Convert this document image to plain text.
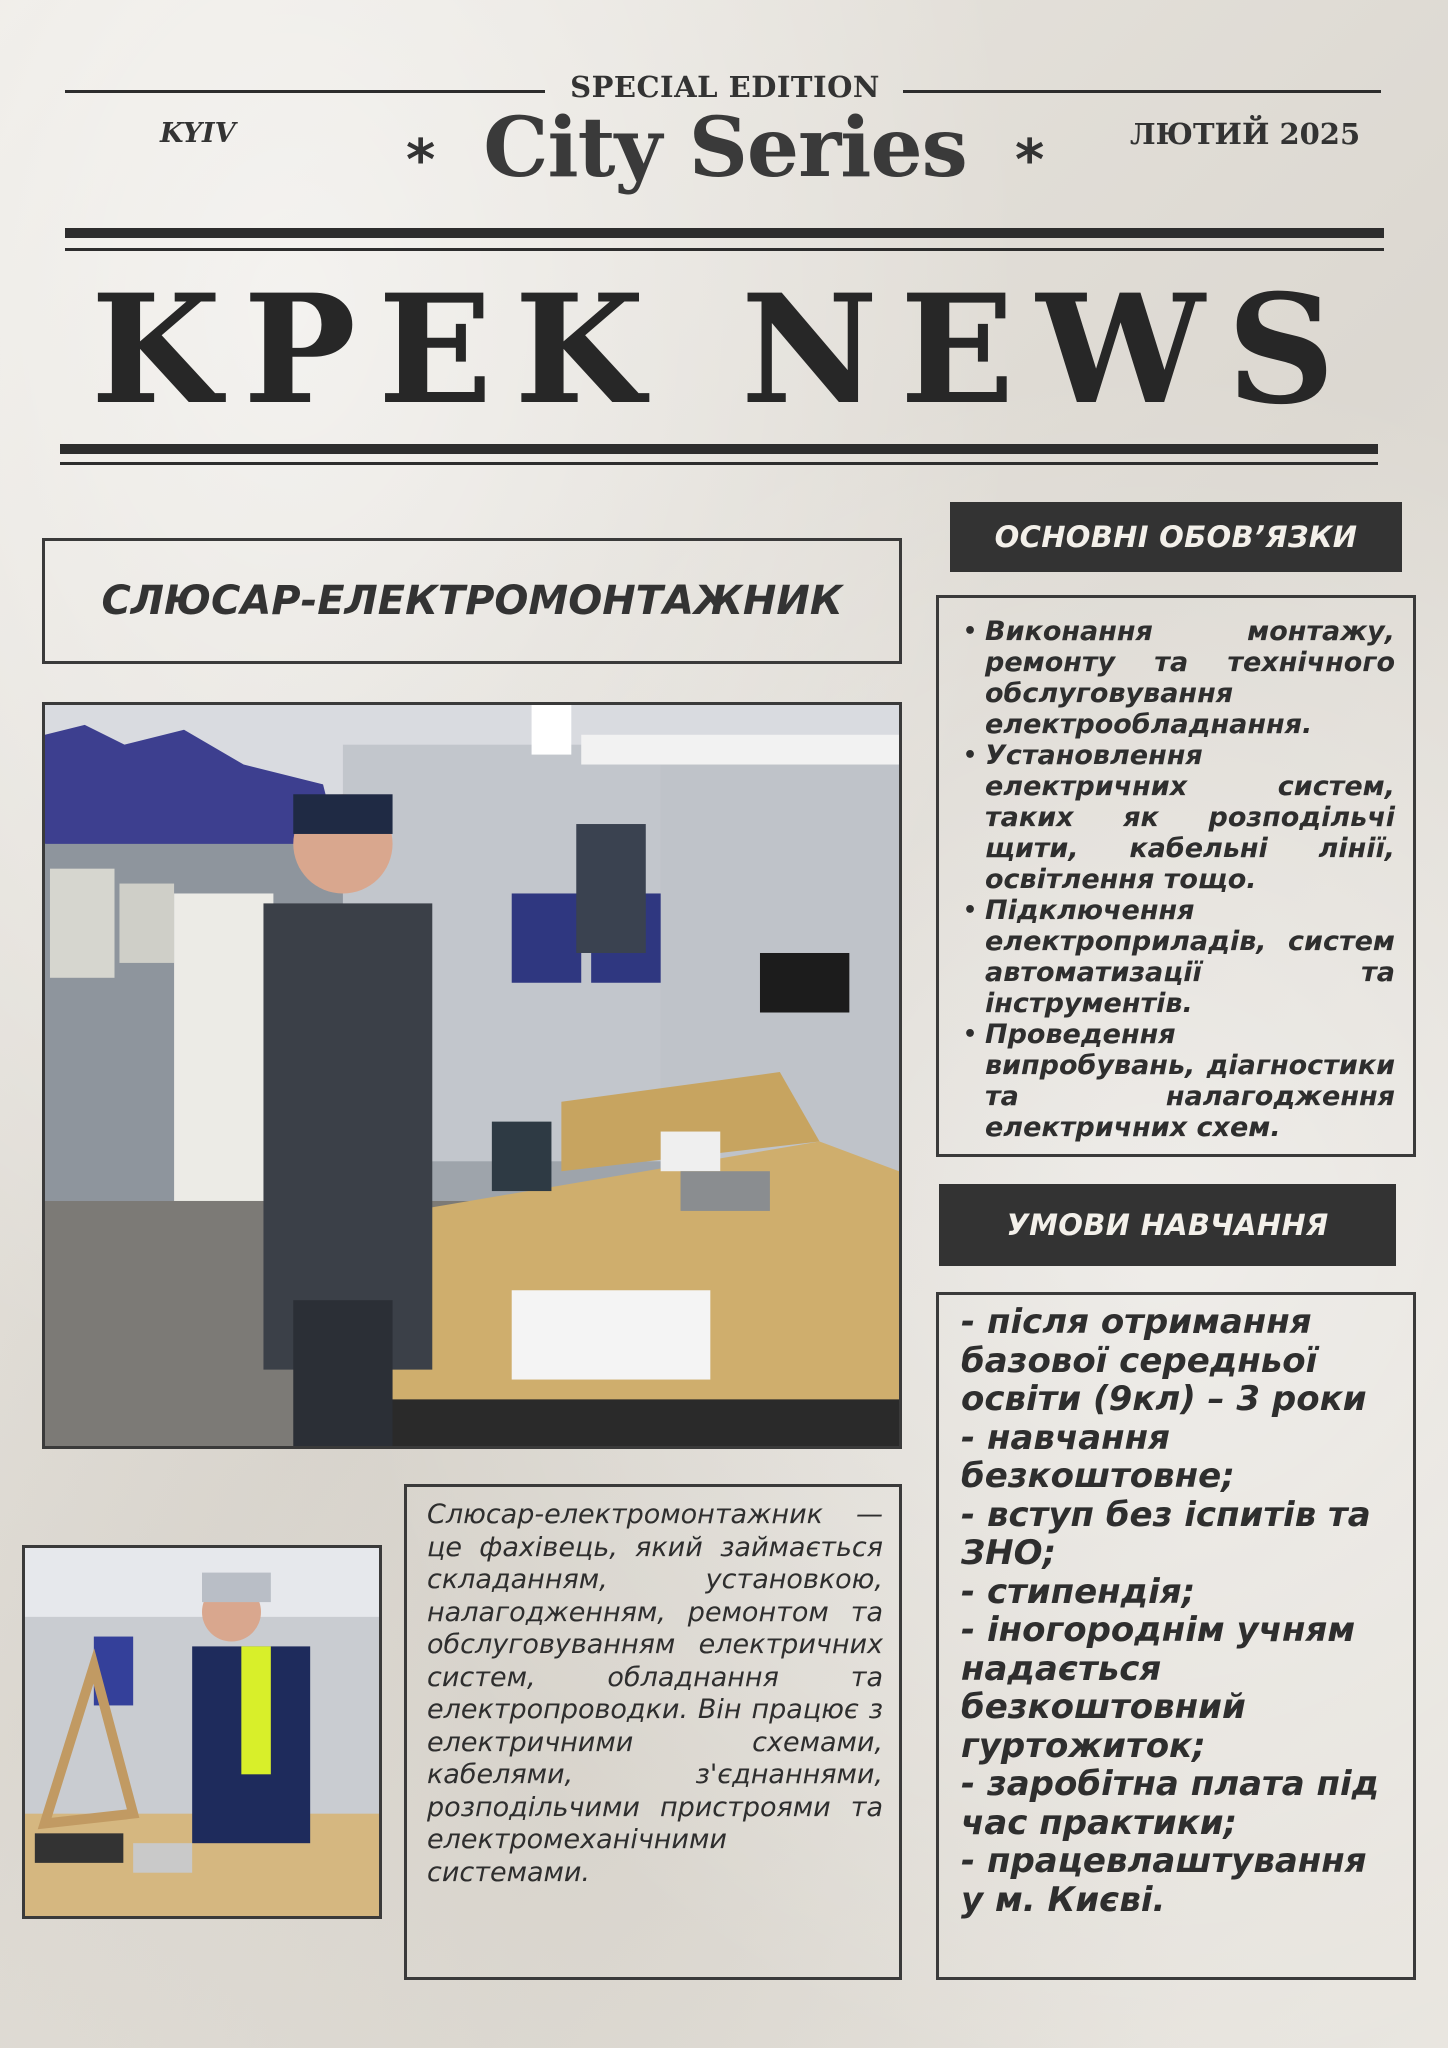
SPECIAL EDITION
KYIV	ЛЮТИЙ 2025
* City Series *
KPEK NEWS
СЛЮСАР-ЕЛЕКТРОМОНТАЖНИК
Слюсар-електромонтажник — це фахівець, який займається складанням, установкою, налагодженням, ремонтом та обслуговуванням електричних систем, обладнання та електропроводки. Він працює з електричними схемами, кабелями, з'єднаннями, розподільчими пристроями та електромеханічними системами.
ОСНОВНІ ОБОВ’ЯЗКИ
• Виконання монтажу, ремонту та технічного обслуговування електрообладнання.
• Установлення електричних систем, таких як розподільчі щити, кабельні лінії, освітлення тощо.
• Підключення електроприладів, систем автоматизації та інструментів.
• Проведення випробувань, діагностики та налагодження електричних схем.
УМОВИ НАВЧАННЯ

- після отримання базової середньої освіти (9кл) – 3 роки

- навчання безкоштовне;

- вступ без іспитів та ЗНО;

- стипендія;

- іногороднім учням надається безкоштовний гуртожиток;

- заробітна плата під час практики;

- працевлаштування у м. Києві.
